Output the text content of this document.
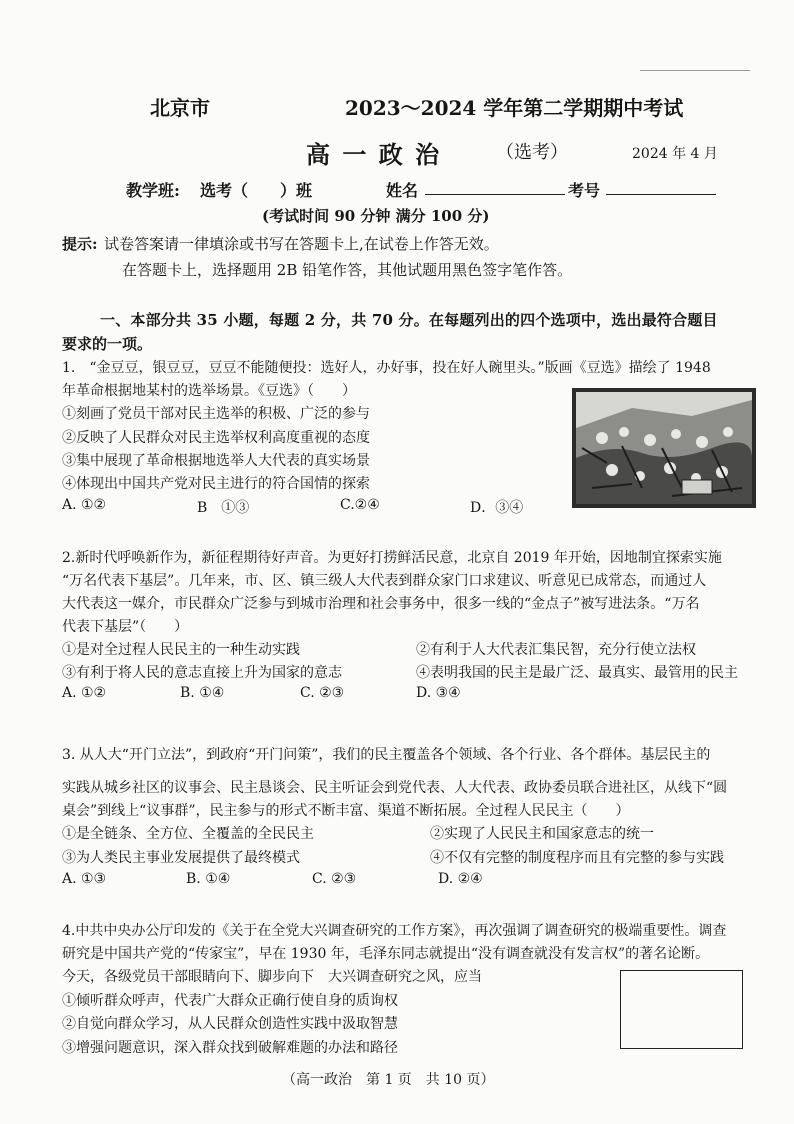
北京市	2023～2024 学年第二学期期中考试
高 一 政 治	（选考）	2024 年 4 月
教学班: 选考（　　）班	姓名	考号
(考试时间 90 分钟 满分 100 分)
提示: 试卷答案请一律填涂或书写在答题卡上,在试卷上作答无效。
在答题卡上，选择题用 2B 铅笔作答，其他试题用黑色签字笔作答。
一、本部分共 35 小题，每题 2 分，共 70 分。在每题列出的四个选项中，选出最符合题目
要求的一项。
1.　“金豆豆，银豆豆，豆豆不能随便投：选好人，办好事，投在好人碗里头。”版画《豆选》描绘了 1948
年革命根据地某村的选举场景。《豆选》（　　）
①刻画了党员干部对民主选举的积极、广泛的参与
②反映了人民群众对民主选举权利高度重视的态度
③集中展现了革命根据地选举人大代表的真实场景
④体现出中国共产党对民主进行的符合国情的探索
A. ①②	B　①③	C.②④	D．③④
2.新时代呼唤新作为，新征程期待好声音。为更好打捞鲜活民意，北京自 2019 年开始，因地制宜探索实施
“万名代表下基层”。几年来，市、区、镇三级人大代表到群众家门口求建议、听意见已成常态，而通过人
大代表这一媒介，市民群众广泛参与到城市治理和社会事务中，很多一线的“金点子”被写进法条。“万名
代表下基层”（　　）
①是对全过程人民民主的一种生动实践	②有利于人大代表汇集民智，充分行使立法权
③有利于将人民的意志直接上升为国家的意志	④表明我国的民主是最广泛、最真实、最管用的民主
A. ①②	B. ①④	C. ②③	D. ③④
3. 从人大“开门立法”，到政府“开门问策”，我们的民主覆盖各个领域、各个行业、各个群体。基层民主的
实践从城乡社区的议事会、民主恳谈会、民主听证会到党代表、人大代表、政协委员联合进社区，从线下“圆
桌会”到线上“议事群”，民主参与的形式不断丰富、渠道不断拓展。全过程人民民主（　　）
①是全链条、全方位、全覆盖的全民民主	②实现了人民民主和国家意志的统一
③为人类民主事业发展提供了最终模式	④不仅有完整的制度程序而且有完整的参与实践
A. ①③	B. ①④	C. ②③	D. ②④
4.中共中央办公厅印发的《关于在全党大兴调查研究的工作方案》，再次强调了调查研究的极端重要性。调查
研究是中国共产党的“传家宝”，早在 1930 年，毛泽东同志就提出“没有调查就没有发言权”的著名论断。
今天，各级党员干部眼睛向下、脚步向下　大兴调查研究之风，应当
①倾听群众呼声，代表广大群众正确行使自身的质询权
②自觉向群众学习，从人民群众创造性实践中汲取智慧
③增强问题意识，深入群众找到破解难题的办法和路径
（高一政治　第 1 页　共 10 页）
